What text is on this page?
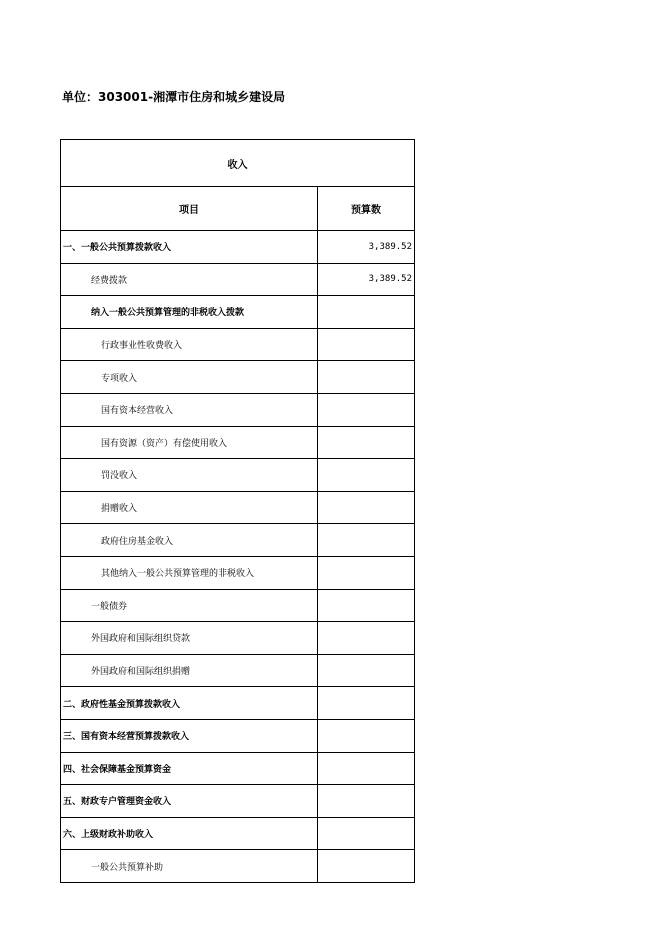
单位：303001-湘潭市住房和城乡建设局
收入	
项目	预算数
一、一般公共预算拨款收入	3,389.52
经费拨款	3,389.52
纳入一般公共预算管理的非税收入拨款	
行政事业性收费收入	
专项收入	
国有资本经营收入	
国有资源（资产）有偿使用收入	
罚没收入	
捐赠收入	
政府住房基金收入	
其他纳入一般公共预算管理的非税收入	
一般债券	
外国政府和国际组织贷款	
外国政府和国际组织捐赠	
二、政府性基金预算拨款收入	
三、国有资本经营预算拨款收入	
四、社会保障基金预算资金	
五、财政专户管理资金收入	
六、上级财政补助收入	
一般公共预算补助	
